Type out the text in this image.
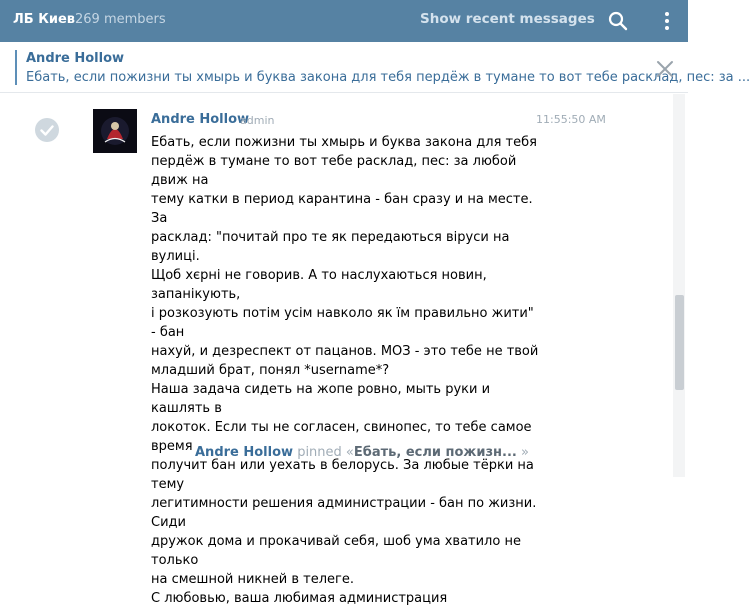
ЛБ Киев 269 members	Show recent messages
Andre Hollow
Ебать, если пожизни ты хмырь и буква закона для тебя пердёж в тумане то вот тебе расклад, пес: за ...
Andre Hollow
admin	11:55:50 AM
Ебать, если пожизни ты хмырь и буква закона для тебя
пердёж в тумане то вот тебе расклад, пес: за любой движ на
тему катки в период карантина - бан сразу и на месте. За
расклад: "почитай про те як передаються віруси на вулиці.
Щоб хєрні не говорив. А то наслухаються новин, запанікують,
і розкозують потім усім навколо як їм правильно жити" - бан
нахуй, и дезреспект от пацанов. МОЗ - это тебе не твой
младший брат, понял *username*?
Наша задача сидеть на жопе ровно, мыть руки и кашлять в
локоток. Если ты не согласен, свинопес, то тебе самое время
получит бан или уехать в белорусь. За любые тёрки на тему
легитимности решения администрации - бан по жизни. Сиди
дружок дома и прокачивай себя, шоб ума хватило не только
на смешной никней в телеге.
С любовью, ваша любимая администрация
Andre Hollow pinned «Ебать, если пожизн... »
